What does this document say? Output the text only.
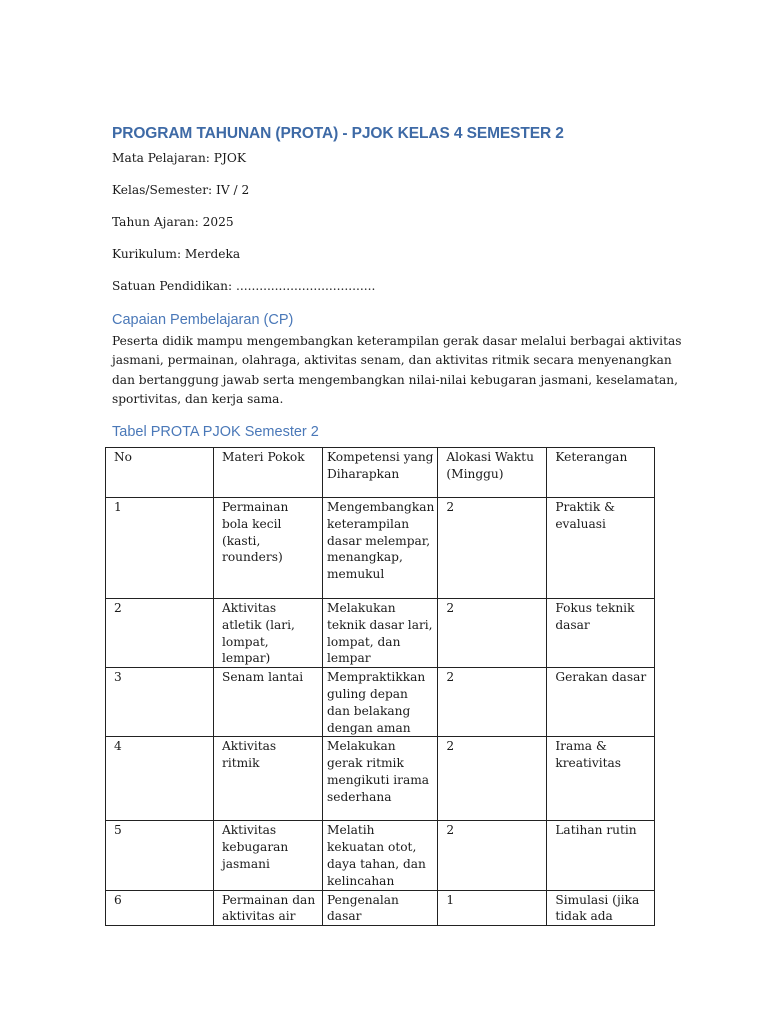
PROGRAM TAHUNAN (PROTA) - PJOK KELAS 4 SEMESTER 2
Mata Pelajaran: PJOK
Kelas/Semester: IV / 2
Tahun Ajaran: 2025
Kurikulum: Merdeka
Satuan Pendidikan: ....................................
Capaian Pembelajaran (CP)
Peserta didik mampu mengembangkan keterampilan gerak dasar melalui berbagai aktivitas
jasmani, permainan, olahraga, aktivitas senam, dan aktivitas ritmik secara menyenangkan
dan bertanggung jawab serta mengembangkan nilai-nilai kebugaran jasmani, keselamatan,
sportivitas, dan kerja sama.
Tabel PROTA PJOK Semester 2
No	Materi Pokok	Kompetensi yang Diharapkan	Alokasi Waktu (Minggu)	Keterangan
1	Permainan bola kecil (kasti, rounders)	Mengembangkan keterampilan dasar melempar, menangkap, memukul	2	Praktik & evaluasi
2	Aktivitas atletik (lari, lompat, lempar)	Melakukan teknik dasar lari, lompat, dan lempar	2	Fokus teknik dasar
3	Senam lantai	Mempraktikkan guling depan dan belakang dengan aman	2	Gerakan dasar
4	Aktivitas ritmik	Melakukan gerak ritmik mengikuti irama sederhana	2	Irama & kreativitas
5	Aktivitas kebugaran jasmani	Melatih kekuatan otot, daya tahan, dan kelincahan	2	Latihan rutin
6	Permainan dan aktivitas air	Pengenalan dasar	1	Simulasi (jika tidak ada
